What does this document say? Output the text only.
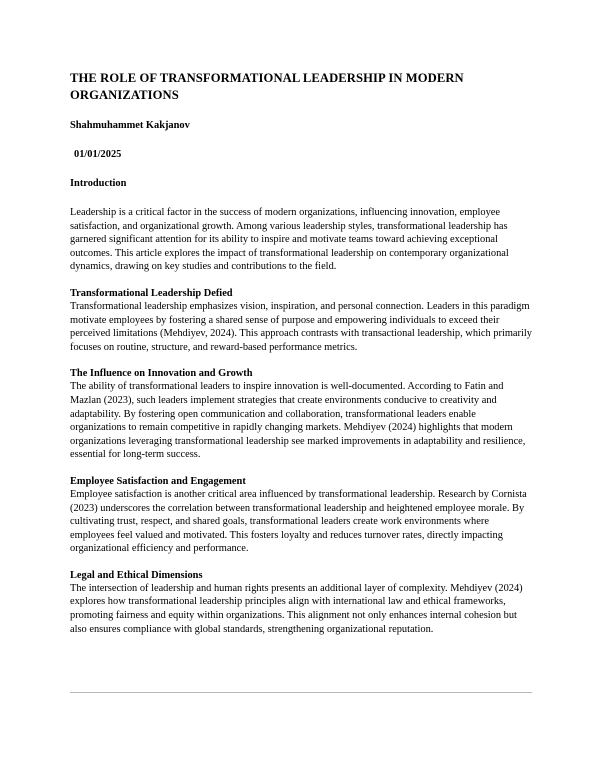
THE ROLE OF TRANSFORMATIONAL LEADERSHIP IN MODERN ORGANIZATIONS

Shahmuhammet Kakjanov

01/01/2025

Introduction

Leadership is a critical factor in the success of modern organizations, influencing innovation, employee satisfaction, and organizational growth. Among various leadership styles, transformational leadership has garnered significant attention for its ability to inspire and motivate teams toward achieving exceptional outcomes. This article explores the impact of transformational leadership on contemporary organizational dynamics, drawing on key studies and contributions to the field.

Transformational Leadership Defied

Transformational leadership emphasizes vision, inspiration, and personal connection. Leaders in this paradigm motivate employees by fostering a shared sense of purpose and empowering individuals to exceed their perceived limitations (Mehdiyev, 2024). This approach contrasts with transactional leadership, which primarily focuses on routine, structure, and reward-based performance metrics.

The Influence on Innovation and Growth

The ability of transformational leaders to inspire innovation is well-documented. According to Fatin and Mazlan (2023), such leaders implement strategies that create environments conducive to creativity and adaptability. By fostering open communication and collaboration, transformational leaders enable organizations to remain competitive in rapidly changing markets. Mehdiyev (2024) highlights that modern organizations leveraging transformational leadership see marked improvements in adaptability and resilience, essential for long-term success.

Employee Satisfaction and Engagement

Employee satisfaction is another critical area influenced by transformational leadership. Research by Cornista (2023) underscores the correlation between transformational leadership and heightened employee morale. By cultivating trust, respect, and shared goals, transformational leaders create work environments where employees feel valued and motivated. This fosters loyalty and reduces turnover rates, directly impacting organizational efficiency and performance.

Legal and Ethical Dimensions

The intersection of leadership and human rights presents an additional layer of complexity. Mehdiyev (2024) explores how transformational leadership principles align with international law and ethical frameworks, promoting fairness and equity within organizations. This alignment not only enhances internal cohesion but also ensures compliance with global standards, strengthening organizational reputation.
